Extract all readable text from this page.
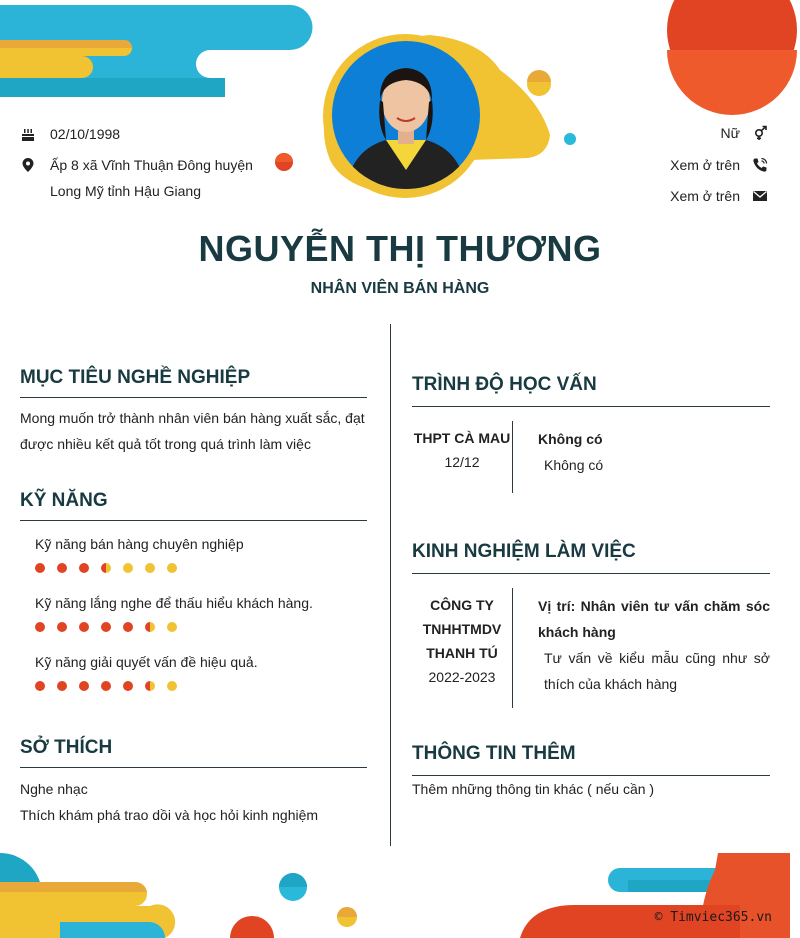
02/10/1998
Ấp 8 xã Vĩnh Thuận Đông huyện
Long Mỹ tỉnh Hậu Giang
Nữ
Xem ở trên
Xem ở trên
NGUYỄN THỊ THƯƠNG
NHÂN VIÊN BÁN HÀNG
MỤC TIÊU NGHỀ NGHIỆP
Mong muốn trở thành nhân viên bán hàng xuất sắc, đạt được nhiều kết quả tốt trong quá trình làm việc
KỸ NĂNG
Kỹ năng bán hàng chuyên nghiệp
Kỹ năng lắng nghe để thấu hiểu khách hàng.
Kỹ năng giải quyết vấn đề hiệu quả.
SỞ THÍCH
Nghe nhạc
Thích khám phá trao dồi và học hỏi kinh nghiệm
TRÌNH ĐỘ HỌC VẤN
THPT CÀ MAU
12/12
Không có
Không có
KINH NGHIỆM LÀM VIỆC
CÔNG TY
TNHHTMDV
THANH TÚ
2022-2023
Vị trí: Nhân viên tư vấn chăm sóc khách hàng
Tư vấn về kiểu mẫu cũng như sở thích của khách hàng
THÔNG TIN THÊM
Thêm những thông tin khác ( nếu cần )
© Timviec365.vn
